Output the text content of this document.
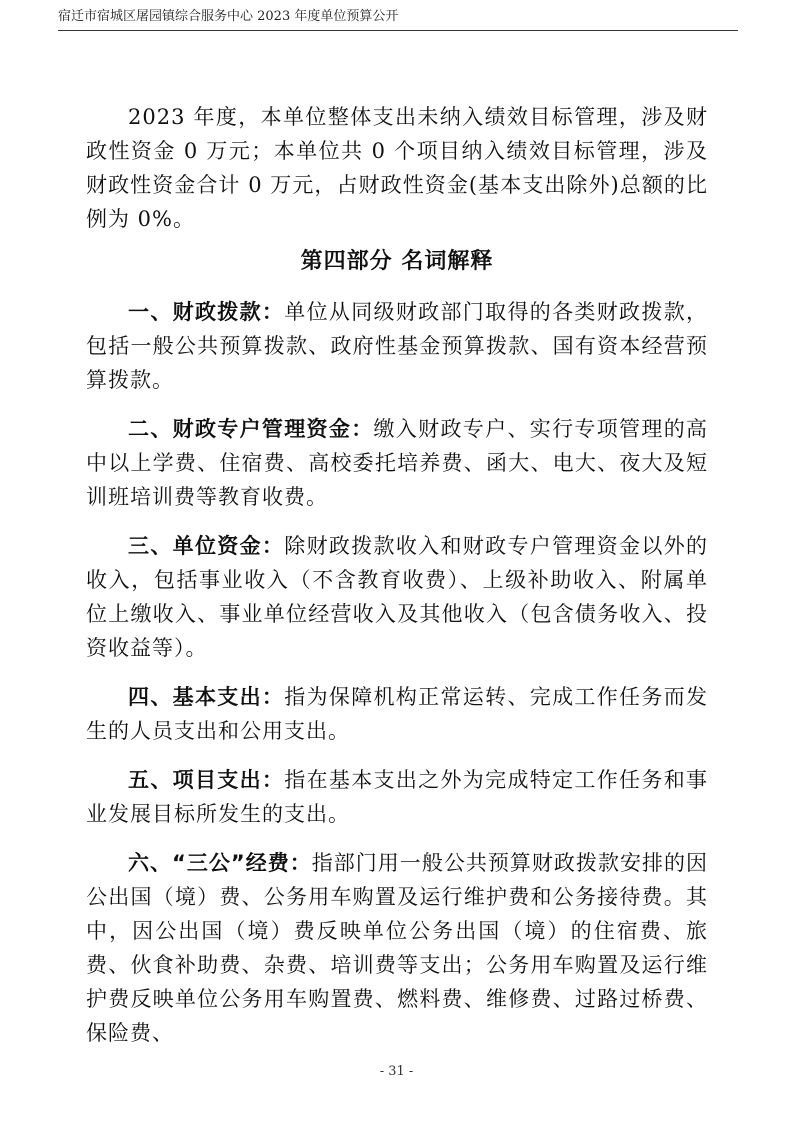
宿迁市宿城区屠园镇综合服务中心 2023 年度单位预算公开

2023 年度，本单位整体支出未纳入绩效目标管理，涉及财政性资金 0 万元；本单位共 0 个项目纳入绩效目标管理，涉及财政性资金合计 0 万元，占财政性资金(基本支出除外)总额的比例为 0%。

第四部分 名词解释

一、财政拨款：单位从同级财政部门取得的各类财政拨款，包括一般公共预算拨款、政府性基金预算拨款、国有资本经营预算拨款。

二、财政专户管理资金：缴入财政专户、实行专项管理的高中以上学费、住宿费、高校委托培养费、函大、电大、夜大及短训班培训费等教育收费。

三、单位资金：除财政拨款收入和财政专户管理资金以外的收入，包括事业收入（不含教育收费）、上级补助收入、附属单位上缴收入、事业单位经营收入及其他收入（包含债务收入、投资收益等）。

四、基本支出：指为保障机构正常运转、完成工作任务而发生的人员支出和公用支出。

五、项目支出：指在基本支出之外为完成特定工作任务和事业发展目标所发生的支出。

六、“三公”经费：指部门用一般公共预算财政拨款安排的因公出国（境）费、公务用车购置及运行维护费和公务接待费。其中，因公出国（境）费反映单位公务出国（境）的住宿费、旅费、伙食补助费、杂费、培训费等支出；公务用车购置及运行维护费反映单位公务用车购置费、燃料费、维修费、过路过桥费、保险费、

- 31 -
